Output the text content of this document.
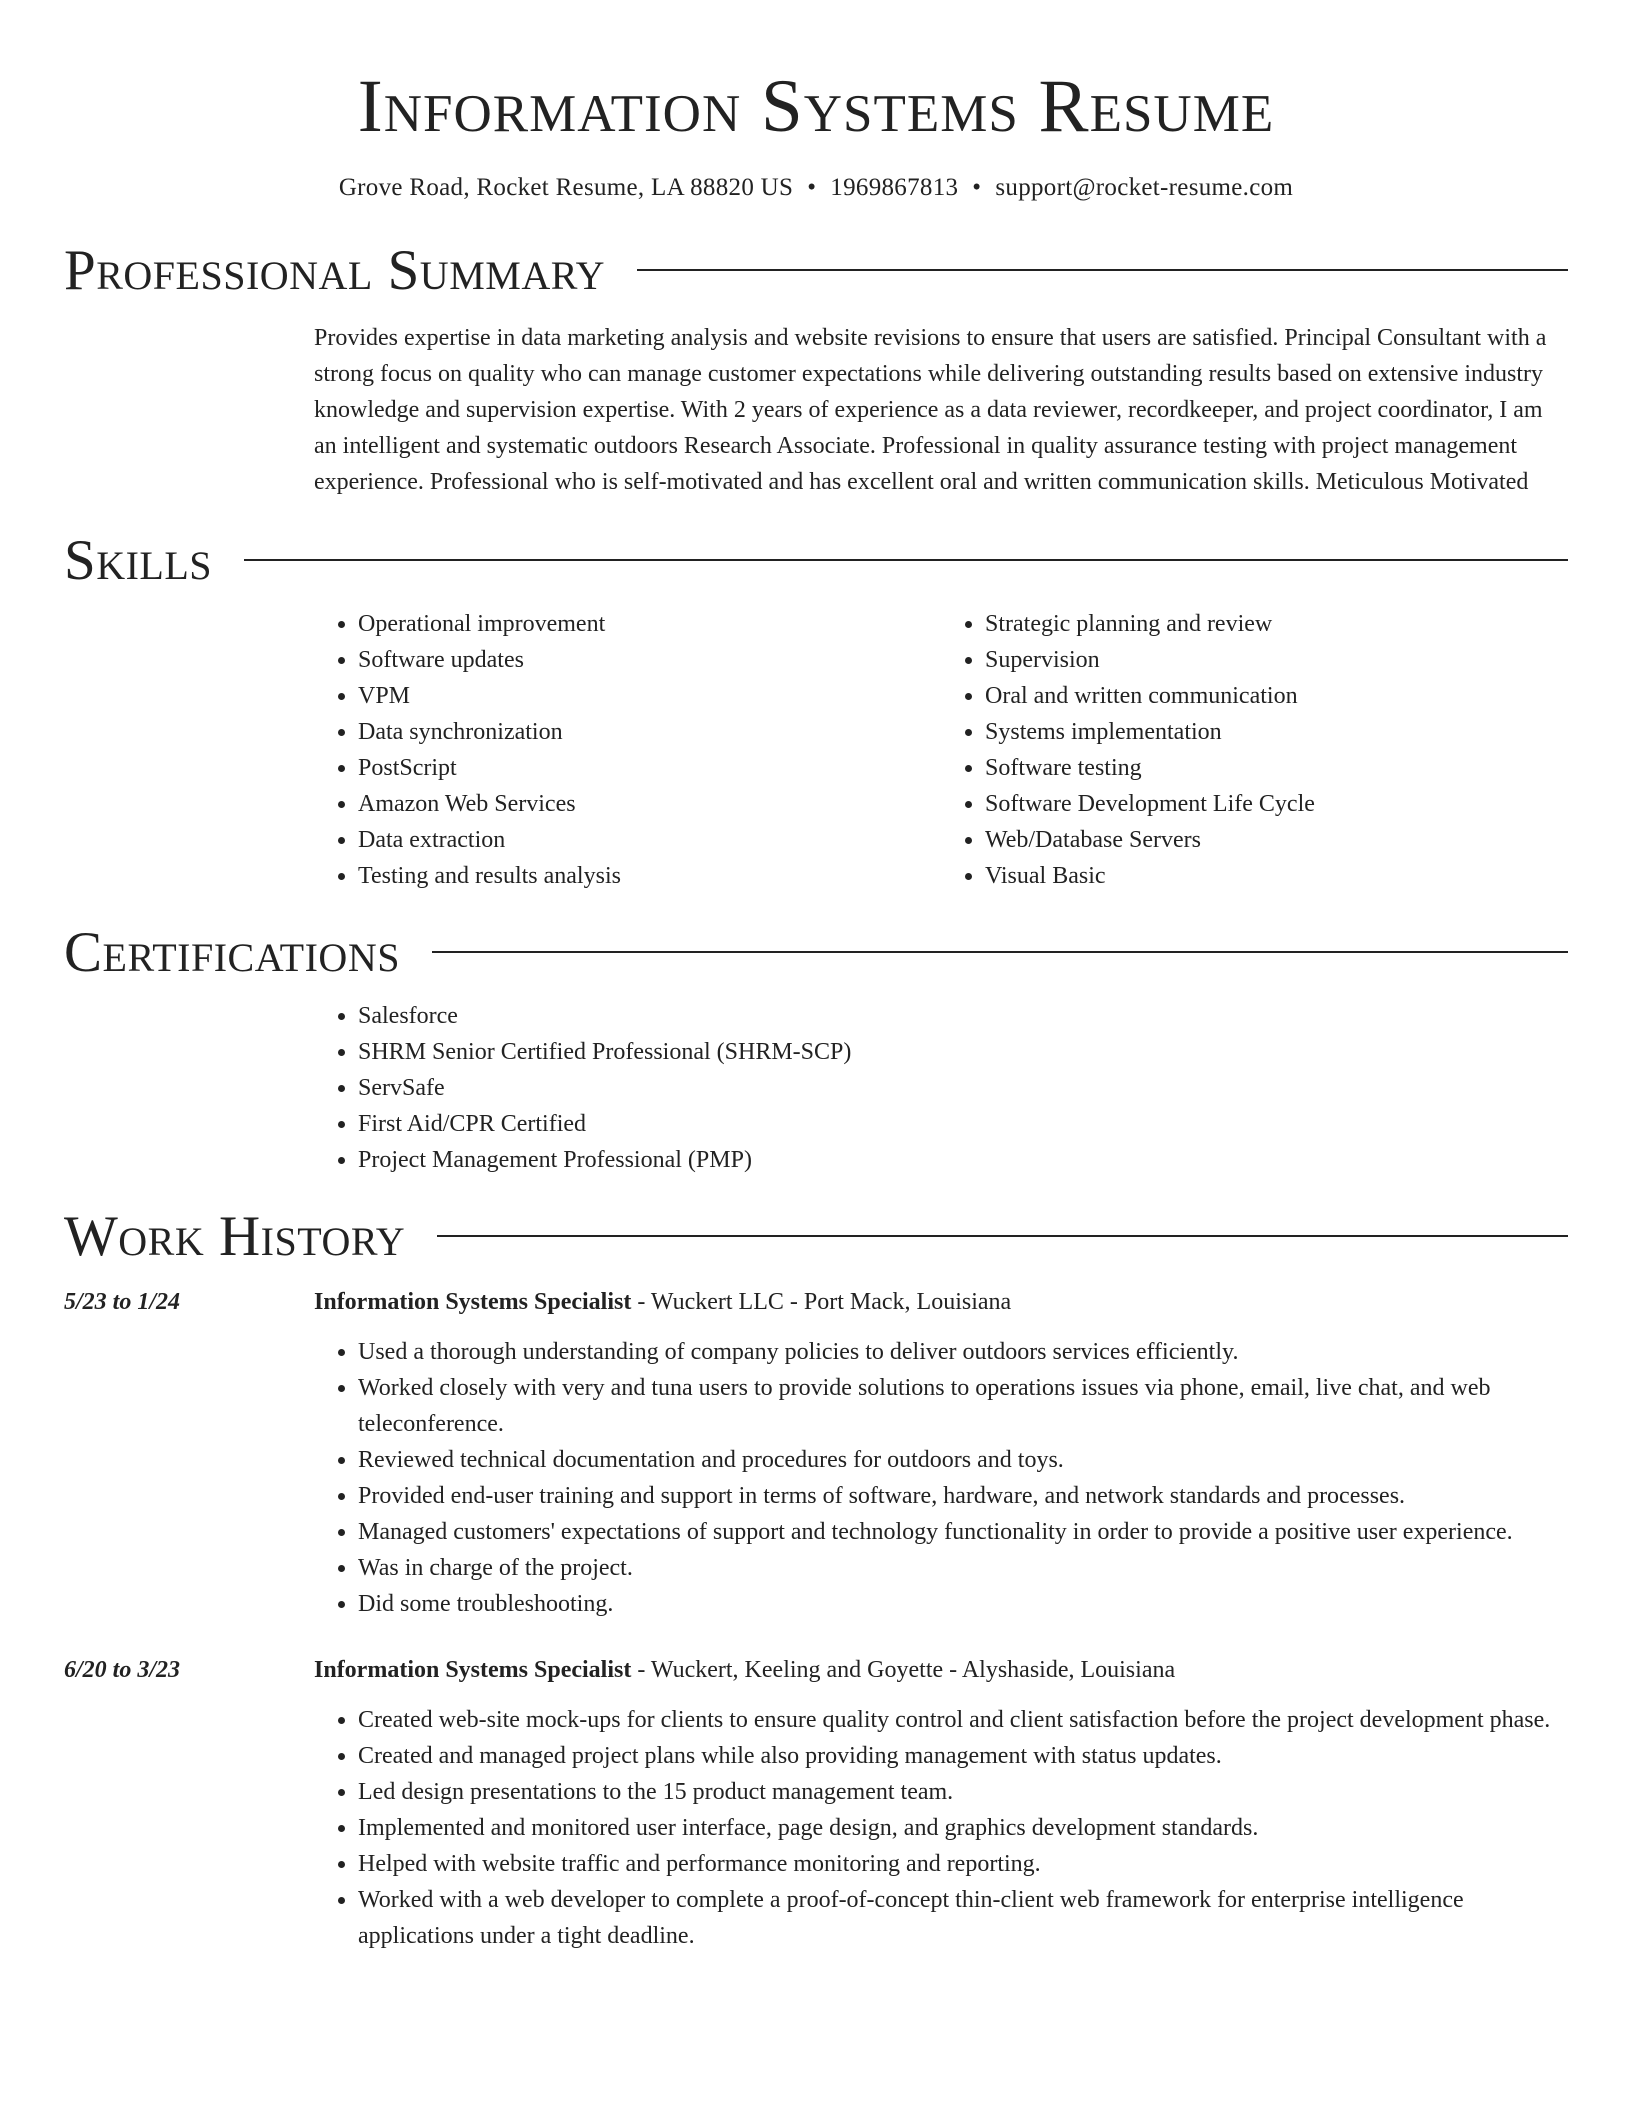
Information Systems Resume
Grove Road, Rocket Resume, LA 88820 US • 1969867813 • support@rocket-resume.com
Professional Summary
Provides expertise in data marketing analysis and website revisions to ensure that users are satisfied. Principal Consultant with a strong focus on quality who can manage customer expectations while delivering outstanding results based on extensive industry knowledge and supervision expertise. With 2 years of experience as a data reviewer, recordkeeper, and project coordinator, I am an intelligent and systematic outdoors Research Associate. Professional in quality assurance testing with project management experience. Professional who is self-motivated and has excellent oral and written communication skills. Meticulous Motivated
Skills
• Operational improvement
• Software updates
• VPM
• Data synchronization
• PostScript
• Amazon Web Services
• Data extraction
• Testing and results analysis
• Strategic planning and review
• Supervision
• Oral and written communication
• Systems implementation
• Software testing
• Software Development Life Cycle
• Web/Database Servers
• Visual Basic
Certifications
• Salesforce
• SHRM Senior Certified Professional (SHRM-SCP)
• ServSafe
• First Aid/CPR Certified
• Project Management Professional (PMP)
Work History
5/23 to 1/24	Information Systems Specialist - Wuckert LLC - Port Mack, Louisiana
• Used a thorough understanding of company policies to deliver outdoors services efficiently.
• Worked closely with very and tuna users to provide solutions to operations issues via phone, email, live chat, and web teleconference.
• Reviewed technical documentation and procedures for outdoors and toys.
• Provided end-user training and support in terms of software, hardware, and network standards and processes.
• Managed customers' expectations of support and technology functionality in order to provide a positive user experience.
• Was in charge of the project.
• Did some troubleshooting.
6/20 to 3/23	Information Systems Specialist - Wuckert, Keeling and Goyette - Alyshaside, Louisiana
• Created web-site mock-ups for clients to ensure quality control and client satisfaction before the project development phase.
• Created and managed project plans while also providing management with status updates.
• Led design presentations to the 15 product management team.
• Implemented and monitored user interface, page design, and graphics development standards.
• Helped with website traffic and performance monitoring and reporting.
• Worked with a web developer to complete a proof-of-concept thin-client web framework for enterprise intelligence applications under a tight deadline.
